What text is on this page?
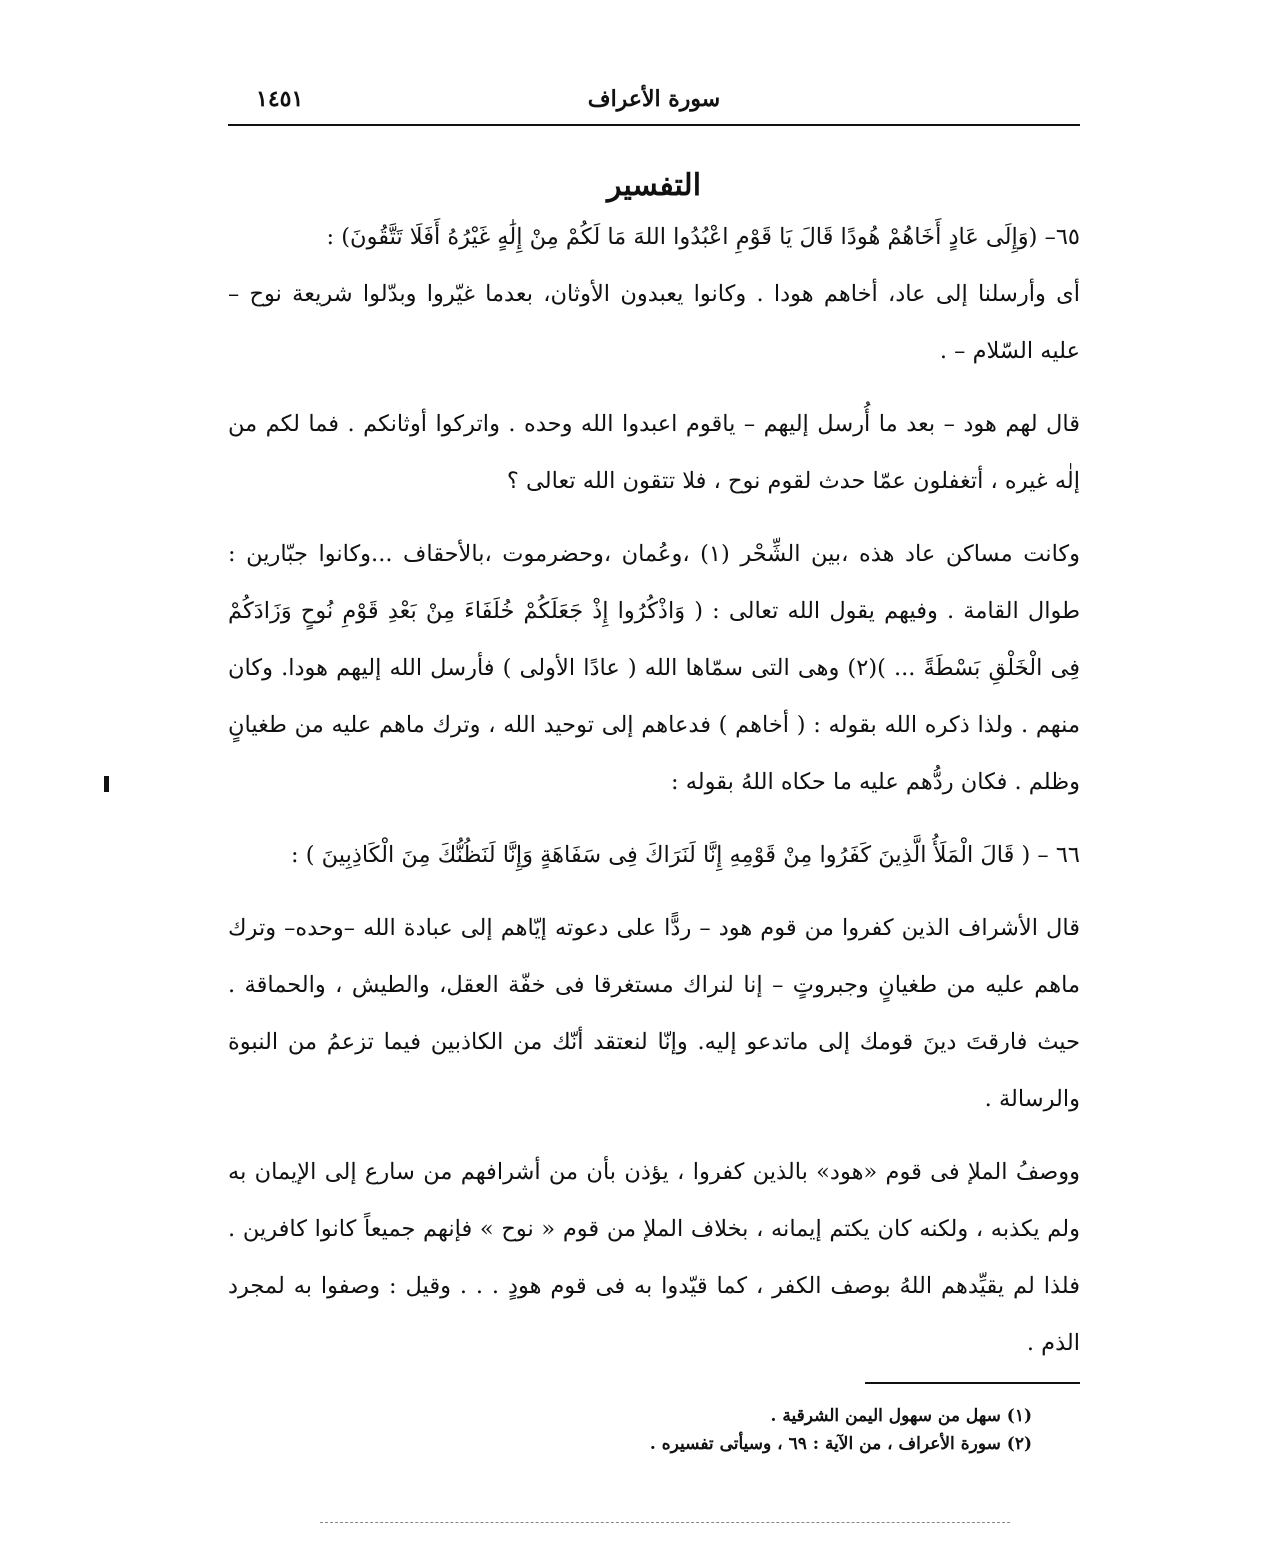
سورة الأعراف
١٤٥١
التفسير

٦٥– (وَإِلَى عَادٍ أَخَاهُمْ هُودًا قَالَ يَا قَوْمِ اعْبُدُوا اللهَ مَا لَكُمْ مِنْ إِلَٰهٍ غَيْرُهُ أَفَلَا تَتَّقُونَ) :

أى وأرسلنا إلى عاد، أخاهم هودا . وكانوا يعبدون الأوثان، بعدما غيّروا وبدّلوا شريعة نوح – عليه السّلام – .

قال لهم هود – بعد ما أُرسل إليهم – ياقوم اعبدوا الله وحده . واتركوا أوثانكم . فما لكم من إلٰه غيره ، أتغفلون عمّا حدث لقوم نوح ، فلا تتقون الله تعالى ؟

وكانت مساكن عاد هذه ،بين الشِّحْر (١) ،وعُمان ،وحضرموت ،بالأحقاف ...وكانوا جبّارين : طوال القامة . وفيهم يقول الله تعالى : ( وَاذْكُرُوا إِذْ جَعَلَكُمْ خُلَفَاءَ مِنْ بَعْدِ قَوْمِ نُوحٍ وَزَادَكُمْ فِى الْخَلْقِ بَسْطَةً ... )(٢) وهى التى سمّاها الله ( عادًا الأولى ) فأرسل الله إليهم هودا. وكان منهم . ولذا ذكره الله بقوله : ( أخاهم ) فدعاهم إلى توحيد الله ، وترك ماهم عليه من طغيانٍ وظلم . فكان ردُّهم عليه ما حكاه اللهُ بقوله :

٦٦ – ( قَالَ الْمَلَأُ الَّذِينَ كَفَرُوا مِنْ قَوْمِهِ إِنَّا لَنَرَاكَ فِى سَفَاهَةٍ وَإِنَّا لَنَظُنُّكَ مِنَ الْكَاذِبِينَ ) :

قال الأشراف الذين كفروا من قوم هود – ردًّا على دعوته إيّاهم إلى عبادة الله –وحده– وترك ماهم عليه من طغيانٍ وجبروتٍ – إنا لنراك مستغرقا فى خفّة العقل، والطيش ، والحماقة . حيث فارقتَ دينَ قومك إلى ماتدعو إليه. وإنّا لنعتقد أنّك من الكاذبين فيما تزعمُ من النبوة والرسالة .

ووصفُ الملإ فى قوم «هود» بالذين كفروا ، يؤذن بأن من أشرافهم من سارع إلى الإيمان به ولم يكذبه ، ولكنه كان يكتم إيمانه ، بخلاف الملإ من قوم « نوح » فإنهم جميعاً كانوا كافرين . فلذا لم يقيِّدهم اللهُ بوصف الكفر ، كما قيّدوا به فى قوم هودٍ . . . وقيل : وصفوا به لمجرد الذم .

(١) سهل من سهول اليمن الشرقية .
(٢) سورة الأعراف ، من الآية : ٦٩ ، وسيأتى تفسيره .
